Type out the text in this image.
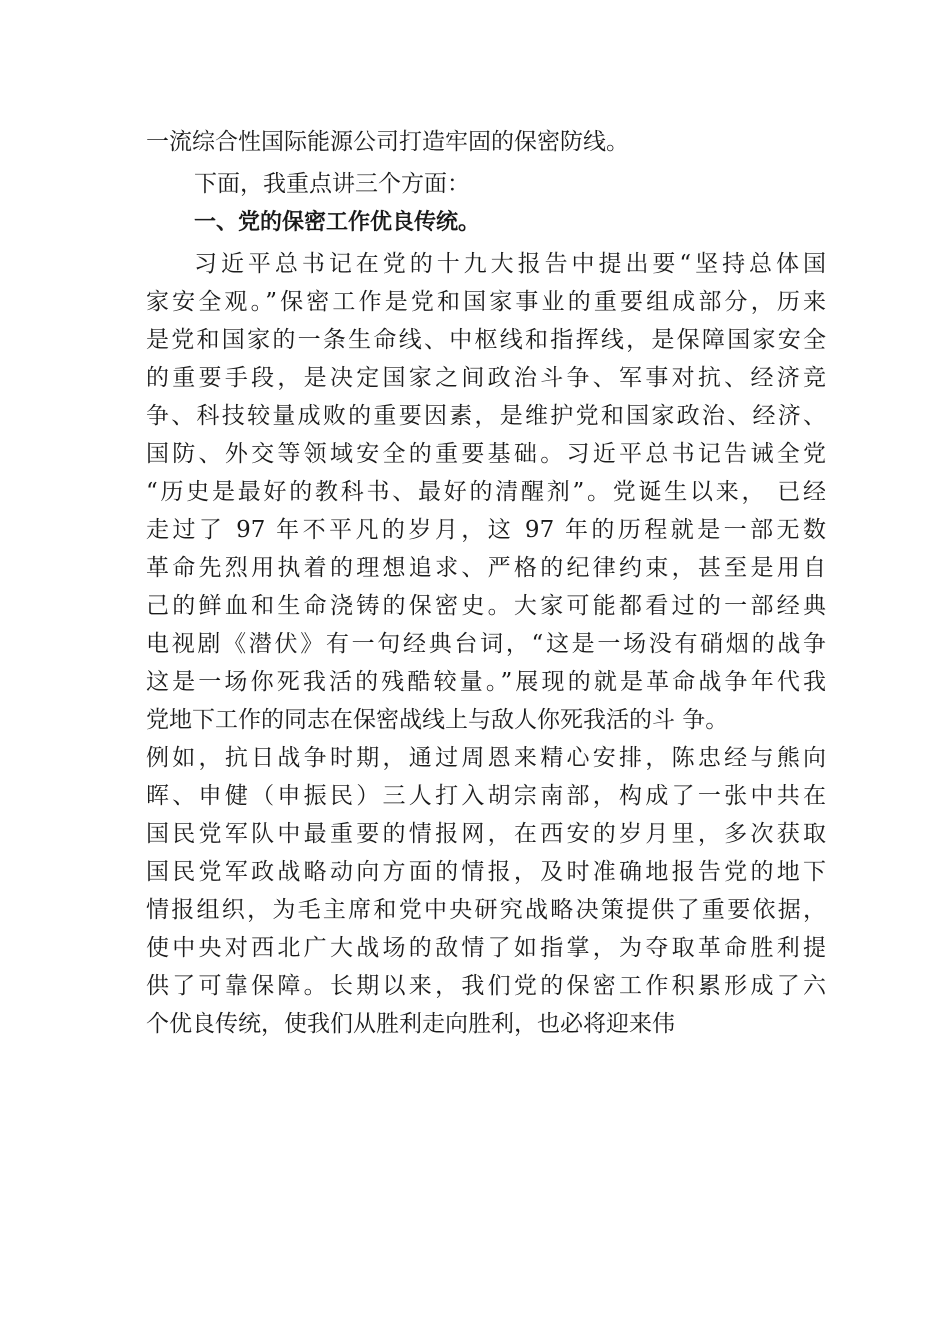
一流综合性国际能源公司打造牢固的保密防线。
下面，我重点讲三个方面：
一、党的保密工作优良传统。
习近平总书记在党的十九大报告中提出要“坚持总体国
家安全观。”保密工作是党和国家事业的重要组成部分，历来
是党和国家的一条生命线、中枢线和指挥线，是保障国家安全
的重要手段，是决定国家之间政治斗争、军事对抗、经济竞
争、科技较量成败的重要因素，是维护党和国家政治、经济、
国防、外交等领域安全的重要基础。习近平总书记告诫全党
“历史是最好的教科书、最好的清醒剂”。党诞生以来， 已经
走过了 97 年不平凡的岁月，这 97 年的历程就是一部无数
革命先烈用执着的理想追求、严格的纪律约束，甚至是用自
己的鲜血和生命浇铸的保密史。大家可能都看过的一部经典
电视剧《潜伏》有一句经典台词，“这是一场没有硝烟的战争
这是一场你死我活的残酷较量。”展现的就是革命战争年代我
党地下工作的同志在保密战线上与敌人你死我活的斗 争。
例如，抗日战争时期，通过周恩来精心安排，陈忠经与熊向
晖、申健（申振民）三人打入胡宗南部，构成了一张中共在
国民党军队中最重要的情报网，在西安的岁月里，多次获取
国民党军政战略动向方面的情报，及时准确地报告党的地下
情报组织，为毛主席和党中央研究战略决策提供了重要依据，
使中央对西北广大战场的敌情了如指掌，为夺取革命胜利提
供了可靠保障。长期以来，我们党的保密工作积累形成了六
个优良传统，使我们从胜利走向胜利，也必将迎来伟
